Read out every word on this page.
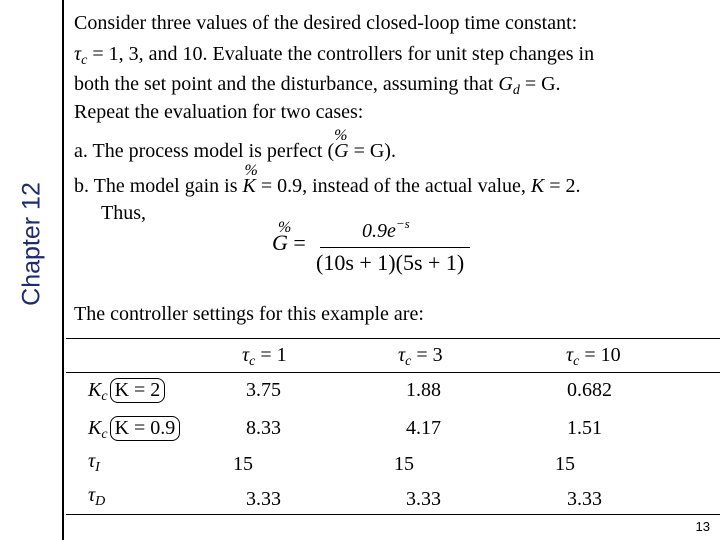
Chapter 12
Consider three values of the desired closed-loop time constant:
$\tau_c = 1$, 3, and 10. Evaluate the controllers for unit step changes in
both the set point and the disturbance, assuming that $G_d = G$.
Repeat the evaluation for two cases:
a. The process model is perfect (G
%
= G).
b. The model gain is K
%
= 0.9, instead of the actual value, K = 2.
Thus,
G
%
=	$0.9e^{-s}$
(10s + 1)(5s + 1)
The controller settings for this example are:
$\tau_c = 1$	$\tau_c = 3$	$\tau_c = 10$
$K_c$ K = 2	3.75	1.88	0.682
$K_c$ K = 0.9	8.33	4.17	1.51
$\tau_I$	15	15	15
$\tau_D$	3.33	3.33	3.33
13
